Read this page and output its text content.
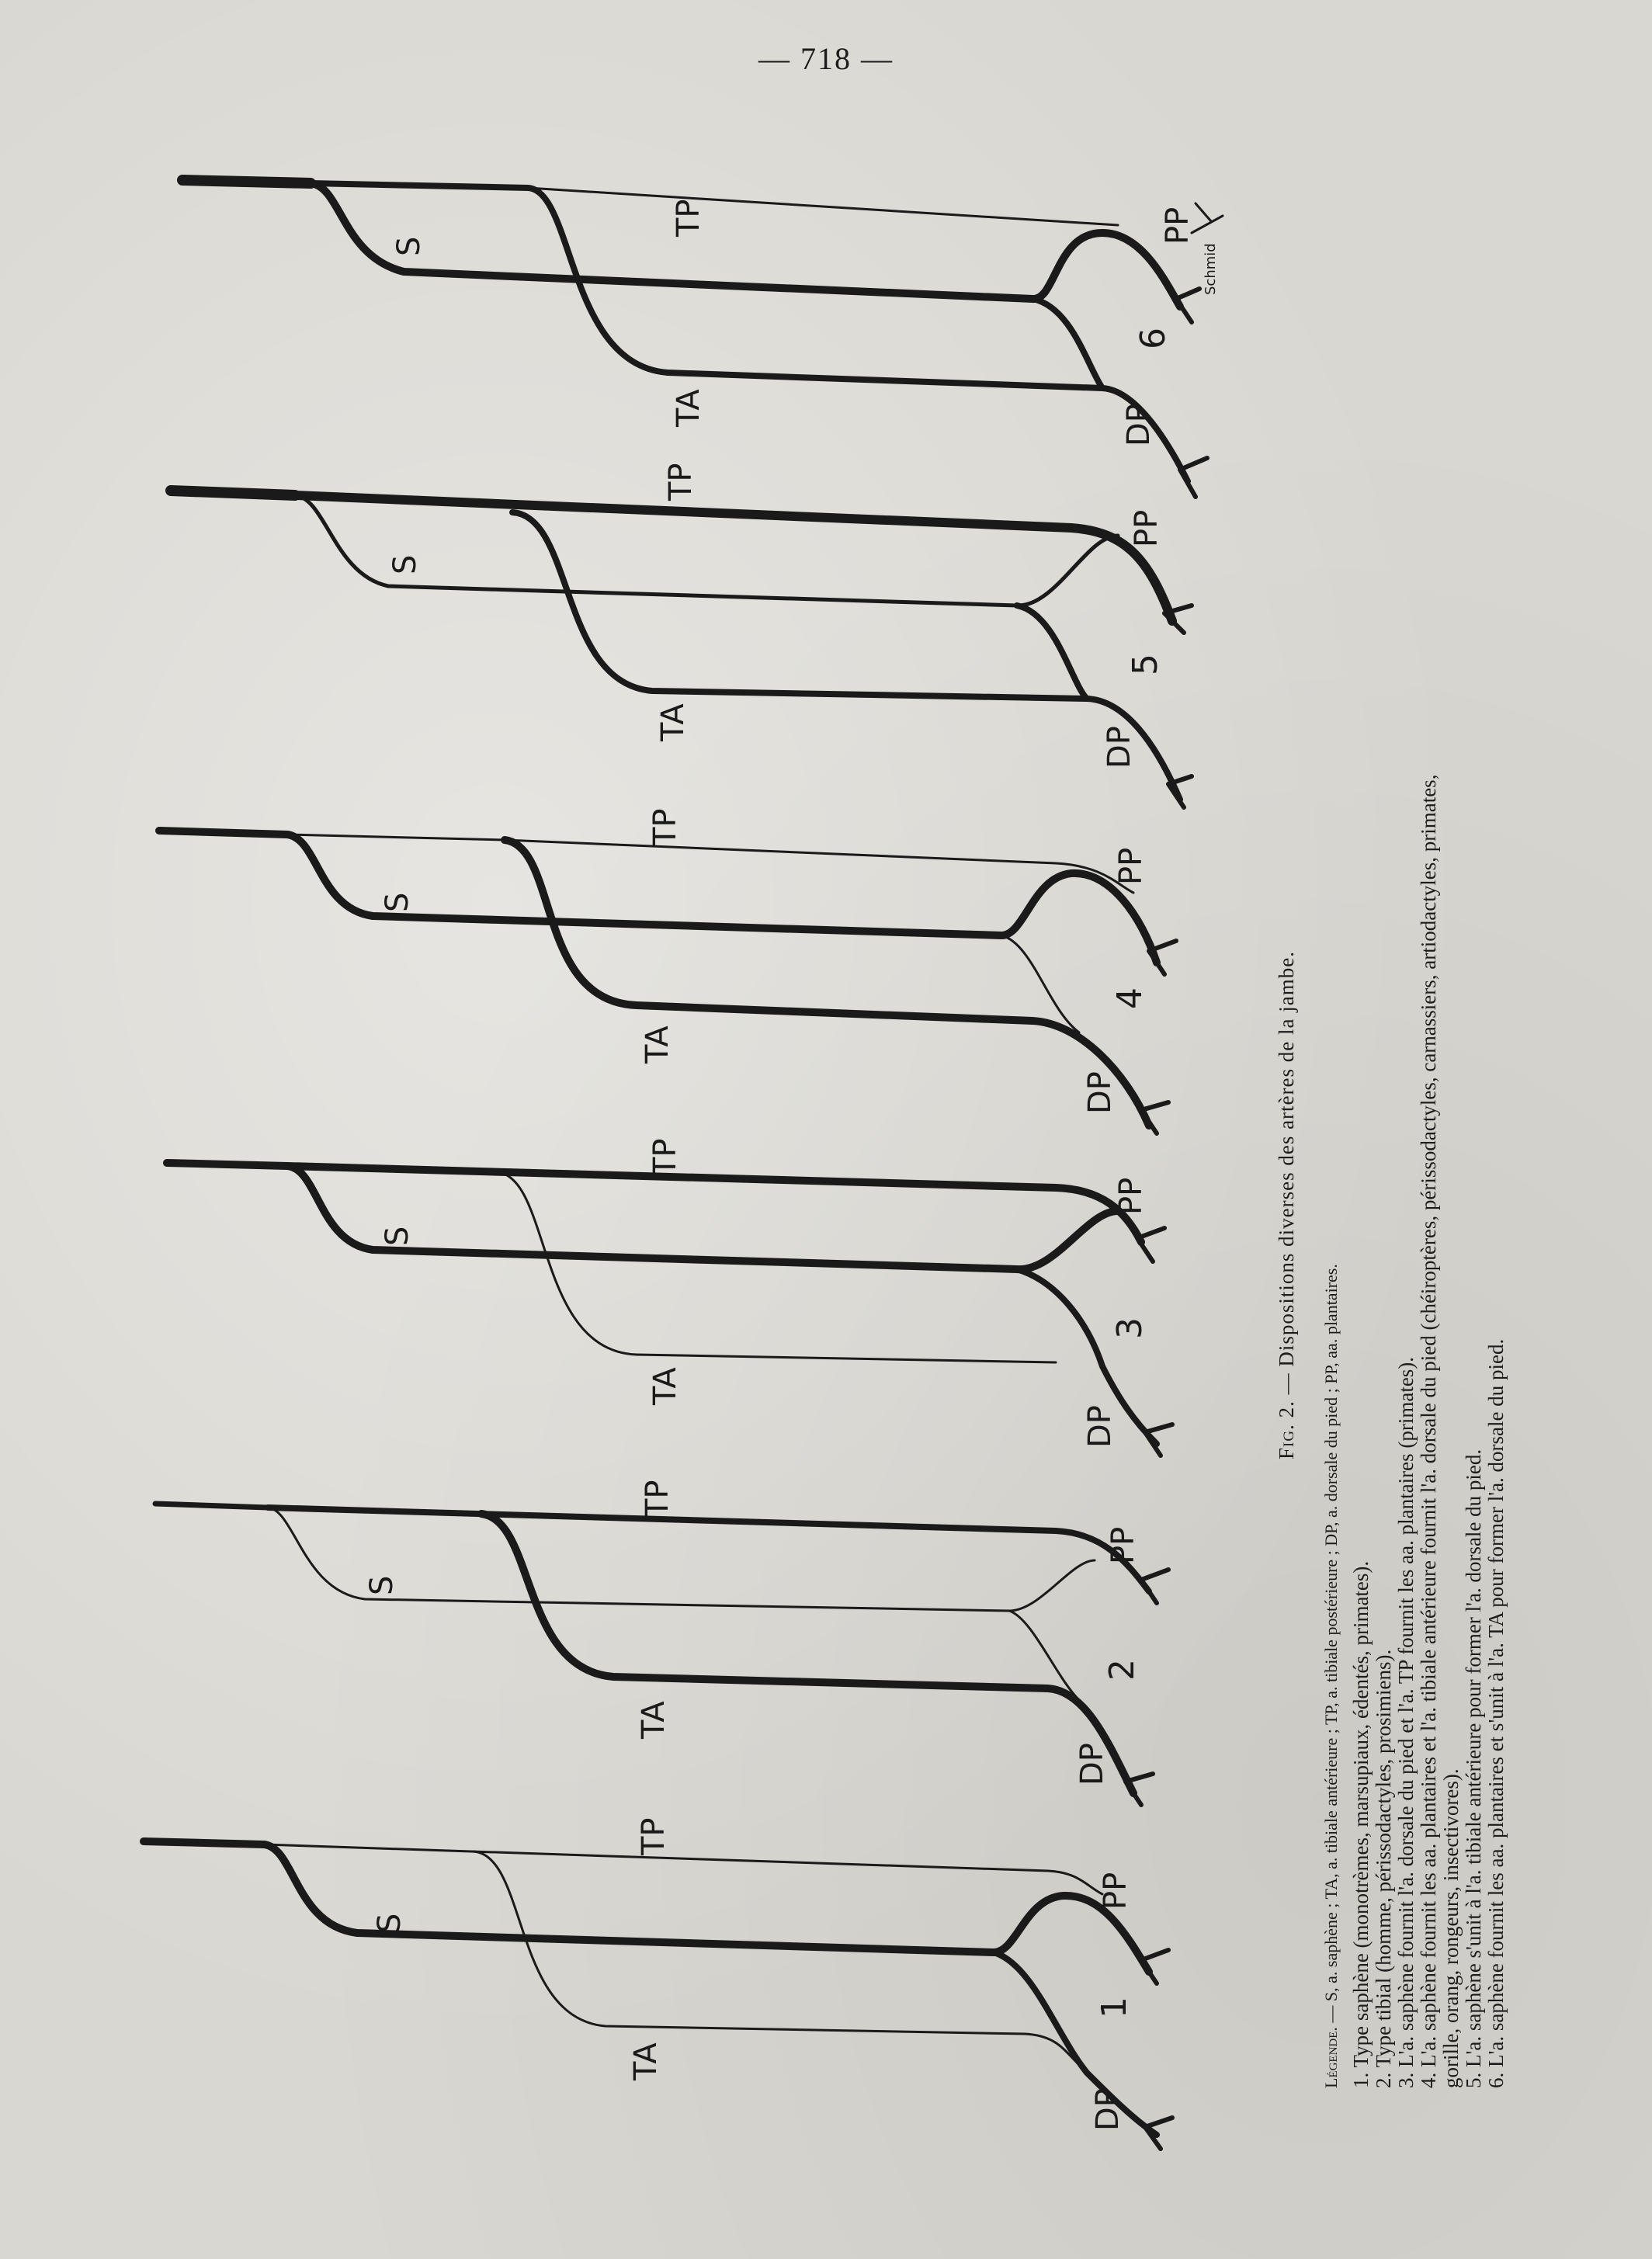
— 718 —
S
TP
TA
PP
DP
6
Schmid
S
TP
TA
PP
DP
5
S
TP
TA
PP
DP
4
S
TP
TA
PP
DP
3
S
TP
TA
PP
DP
2
S
TP
TA
PP
DP
1
Fig. 2. — Dispositions diverses des artères de la jambe.
Légende. — S, a. saphène ; TA, a. tibiale antérieure ; TP, a. tibiale postérieure ; DP, a. dorsale du pied ; PP, aa. plantaires. 1. Type saphène (monotrèmes, marsupiaux, édentés, primates). 2. Type tibial (homme, périssodactyles, prosimiens). 3. L'a. saphène fournit l'a. dorsale du pied et l'a. TP fournit les aa. plantaires (primates). 4. L'a. saphène fournit les aa. plantaires et l'a. tibiale antérieure fournit l'a. dorsale du pied (chéiroptères, périssodactyles, carnassiers, artiodactyles, primates, gorille, orang, rongeurs, insectivores). 5. L'a. saphène s'unit à l'a. tibiale antérieure pour former l'a. dorsale du pied. 6. L'a. saphène fournit les aa. plantaires et s'unit à l'a. TA pour former l'a. dorsale du pied.
